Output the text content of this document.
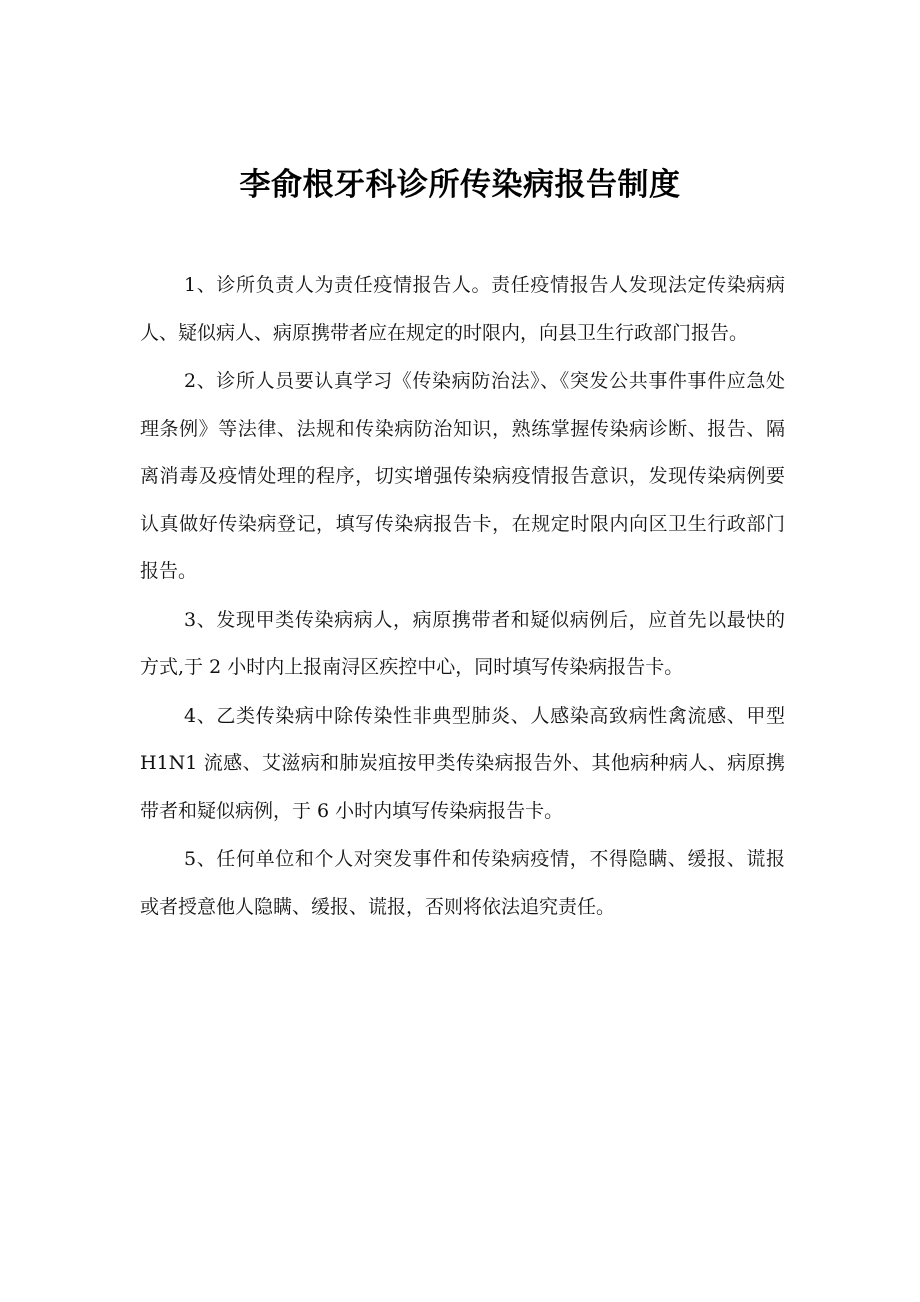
李俞根牙科诊所传染病报告制度

1、诊所负责人为责任疫情报告人。责任疫情报告人发现法定传染病病人、疑似病人、病原携带者应在规定的时限内，向县卫生行政部门报告。

2、诊所人员要认真学习《传染病防治法》、《突发公共事件事件应急处理条例》等法律、法规和传染病防治知识，熟练掌握传染病诊断、报告、隔离消毒及疫情处理的程序，切实增强传染病疫情报告意识，发现传染病例要认真做好传染病登记，填写传染病报告卡，在规定时限内向区卫生行政部门报告。

3、发现甲类传染病病人，病原携带者和疑似病例后，应首先以最快的方式,于 2 小时内上报南浔区疾控中心，同时填写传染病报告卡。

4、乙类传染病中除传染性非典型肺炎、人感染高致病性禽流感、甲型 H1N1 流感、艾滋病和肺炭疽按甲类传染病报告外、其他病种病人、病原携带者和疑似病例，于 6 小时内填写传染病报告卡。

5、任何单位和个人对突发事件和传染病疫情，不得隐瞒、缓报、谎报或者授意他人隐瞒、缓报、谎报，否则将依法追究责任。
